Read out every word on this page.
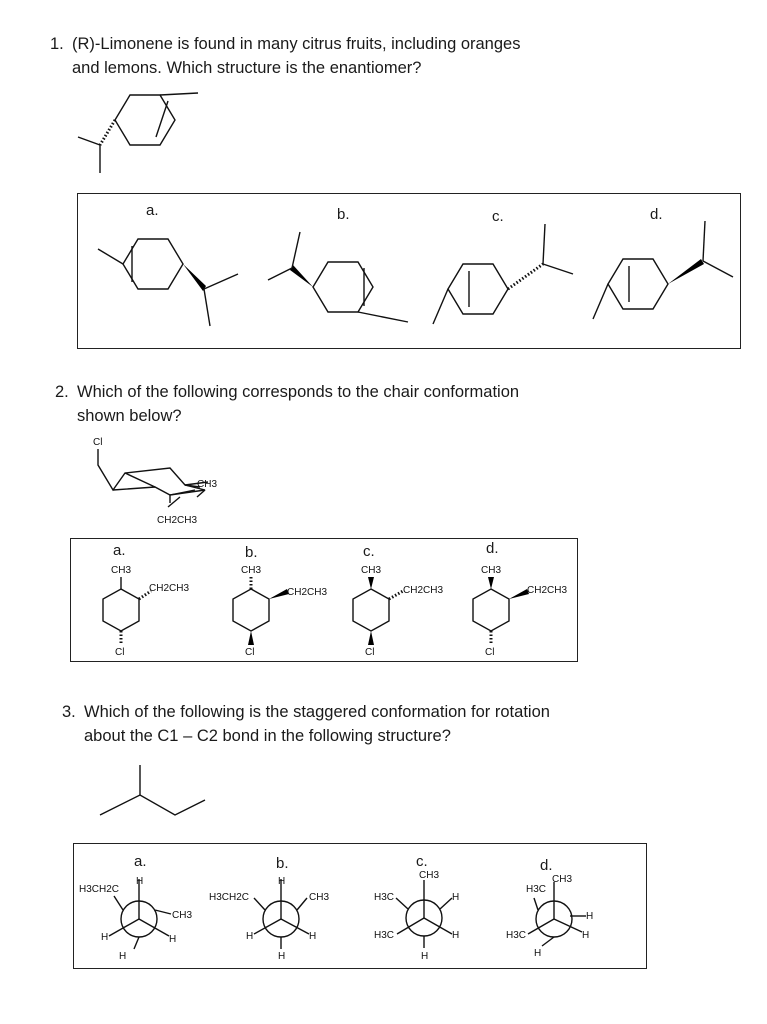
1. (R)-Limonene is found in many citrus fruits, including oranges
and lemons. Which structure is the enantiomer?
a.	b.	c.	d.
2. Which of the following corresponds to the chair conformation
shown below?
Cl
CH3
CH2CH3
a.	b.	c.	d.
CH3
CH2CH3
Cl
CH3
CH2CH3
Cl
CH3
CH2CH3
Cl
CH3
CH2CH3
Cl
3. Which of the following is the staggered conformation for rotation
about the C1 – C2 bond in the following structure?
a.	b.	c.	d.
H3CH2C
H
CH3
H	H
H
H3CH2C
H
CH3
H	H
H
CH3
H3C	H
H3C	H
H
H3C
CH3
H
H3C	H
H
